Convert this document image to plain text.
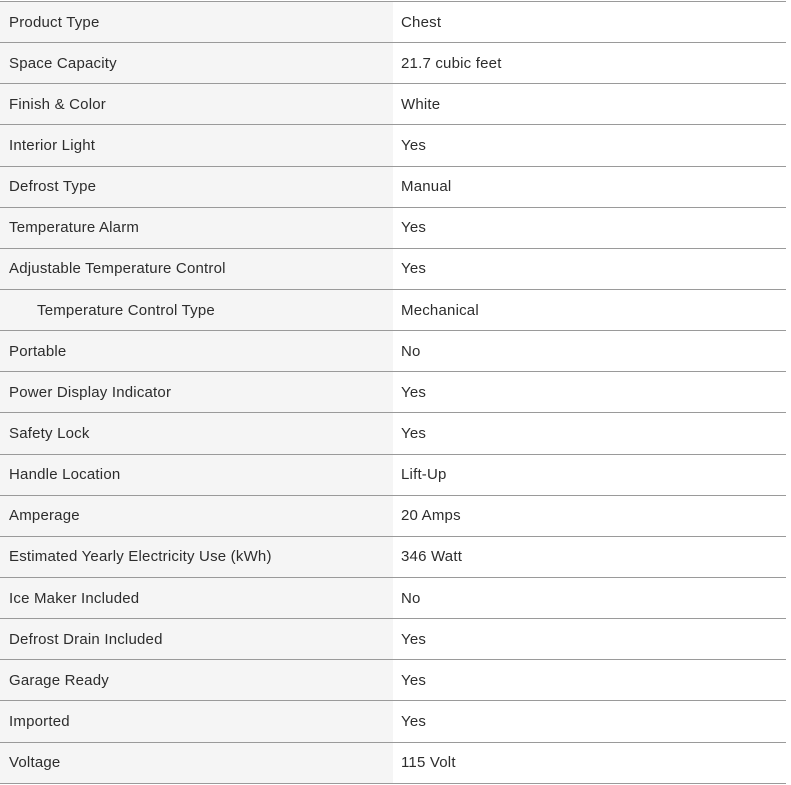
Product Type	Chest
Space Capacity	21.7 cubic feet
Finish & Color	White
Interior Light	Yes
Defrost Type	Manual
Temperature Alarm	Yes
Adjustable Temperature Control	Yes
Temperature Control Type	Mechanical
Portable	No
Power Display Indicator	Yes
Safety Lock	Yes
Handle Location	Lift-Up
Amperage	20 Amps
Estimated Yearly Electricity Use (kWh)	346 Watt
Ice Maker Included	No
Defrost Drain Included	Yes
Garage Ready	Yes
Imported	Yes
Voltage	115 Volt
